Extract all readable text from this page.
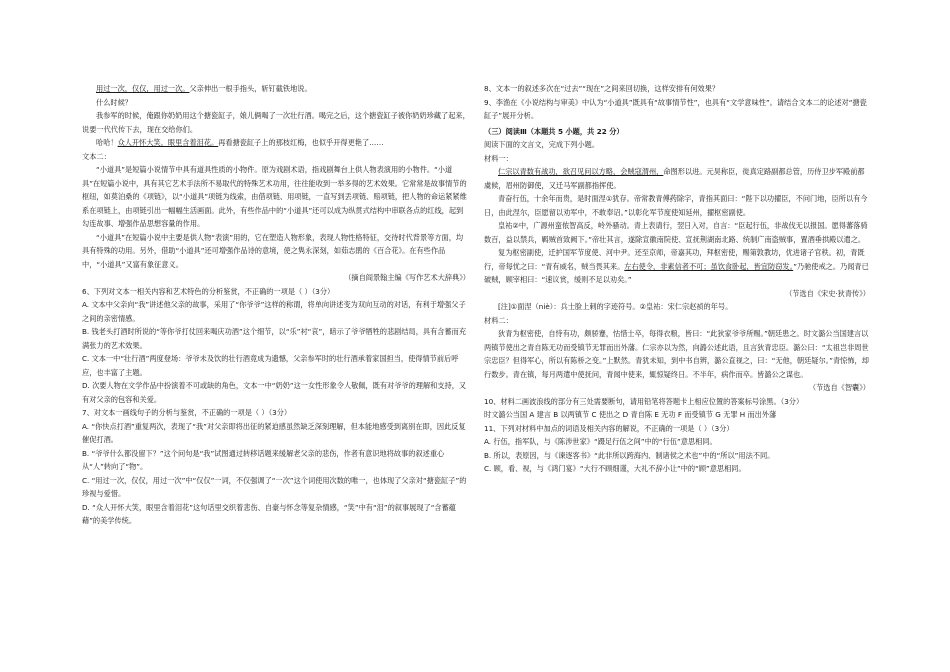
用过一次，仅仅，用过一次。父亲伸出一根手指头，斩钉截铁地说。

什么时候？

我参军的时候，俺跟你奶奶用这个搪瓷缸子，娘儿俩喝了一次壮行酒。喝完之后，这个搪瓷缸子被你奶奶珍藏了起来，说要一代代传下去，现在交给你们。

哈哈！众人开怀大笑，眼里含着泪花。再看搪瓷缸子上的那枝红梅，也似乎开得更艳了……

文本二：

“小道具”是短篇小说情节中具有道具性质的小物件。原为戏剧术语，指戏剧舞台上供人物表演用的小物件。“小道具”在短篇小说中，具有其它艺术手法所不易取代的特殊艺术功用，往往能收到一举多得的艺术效果。它常常是故事情节的枢纽，如莫泊桑的《项链》，以“小道具”项链为线索，由借项链、用项链，一直写到丢项链、赔项链，把人物的命运紧紧维系在项链上，由项链引出一幅幅生活画面。此外，有些作品中的“小道具”还可以成为纵贯式结构中串联各点的红线，起到勾连故事、增强作品思想容量的作用。

“小道具”在短篇小说中主要是供人物“表演”用的，它在塑造人物形象，表现人物性格特征，交待时代背景等方面，均具有特殊的功用。另外，借助“小道具”还可增强作品诗的意境，使之隽永深刻，如茹志鹃的《百合花》。在有些作品中，“小道具”又富有象征意义。

（摘自阎景翰主编《写作艺术大辞典》）

6、下列对文本一相关内容和艺术特色的分析鉴赏，不正确的一项是（ ）（3分）

A. 文本中父亲向“我”讲述他父亲的故事，采用了“你爷爷”这样的称谓，将单向讲述变为双向互动的对话，有利于增强父子之间的亲密情感。

B. 钱老头打酒时所说的“等你爷打仗回来喝庆功酒”这个细节，以“乐”衬“哀”，暗示了爷爷牺牲的悲剧结局，具有含蓄而充满张力的艺术效果。

C. 文本一中“壮行酒”两度登场：爷爷未及饮的壮行酒竟成为遗憾，父亲参军时的壮行酒承着家国担当，使得情节前后呼应，也丰富了主题。

D. 次要人物在文学作品中扮演着不可或缺的角色，文本一中“奶奶”这一女性形象令人敬佩，既有对爷爷的理解和支持，又有对父亲的包容和关爱。

7、对文本一画线句子的分析与鉴赏，不正确的一项是（ ）（3分）

A. “你快点打酒”重复两次，表现了“我”对父亲即将出征的紧迫感虽然缺乏深刻理解，但本能地感受到离别在即，因此反复催促打酒。

B. “爷爷什么都没留下？”这个问句是“我”试图通过转移话题来缓解老父亲的悲伤，作者有意识地将故事的叙述重心从“人”转向了“物”。

C. “用过一次，仅仅，用过一次”中“仅仅”一词，不仅强调了“一次”这个词使用次数的唯一，也体现了父亲对“搪瓷缸子”的珍视与爱惜。

D. “众人开怀大笑，眼里含着泪花”这句话里交织着悲伤、自豪与怀念等复杂情感，“笑”中有“泪”的叙事展现了“含蓄蕴藉”的美学传统。

8、文本一的叙述多次在“过去”“现在”之间来回切换，这样安排有何效果？

9、李渔在《小说结构与审美》中认为“小道具”既具有“故事情节性”，也具有“文学意味性”。请结合文本二的论述对“搪瓷缸子”展开分析。

（三）阅读Ⅲ（本题共 5 小题，共 22 分）

阅读下面的文言文，完成下列小题。

材料一：

仁宗以青数有战功，欲召见问以方略，会贼寇渭州，命图形以进。元昊称臣，徙真定路副都总管，历侍卫步军殿前都虞候，眉州防御使，又迁马军副都指挥使。

青奋行伍，十余年而贵，是时面涅①犹存。帝常教青傅药除字，青指其面曰：“陛下以功擢臣，不问门地，臣所以有今日，由此涅尔，臣愿留以劝军中，不敢奉诏。”以彰化军节度使知延州，擢枢密副使。

皇祐②中，广源州蛮侬智高反，岭外骚动。青上表请行，翌日入对，自言：“臣起行伍，非战伐无以报国。愿得蕃落骑数百，益以禁兵，羁贼首致阙下。”帝壮其言，遂除宣徽南院使、宣抚荆湖南北路、统制广南盗贼事，置酒垂拱殿以遣之。

复为枢密副使，迁护国军节度使、河中尹。还至京师，帝嘉其功，拜枢密使，赐第敦教坊，优进诸子官秩。初，青既行，帝每忧之曰：“青有威名，贼当畏其来。左右使令，非素信者不可；虽饮食卧起，皆宜防窃发。”乃驰使戒之。乃闻青已破贼，顾宰相曰：“速议赏，缓则不足以劝矣。”

（节选自《宋史·狄青传》）

[注]①面涅（niè）：兵士脸上刺的字迹符号。②皇祐：宋仁宗赵祯的年号。

材料二：

狄青为枢密使，自恃有功，颇骄蹇，怙惜士卒，每得衣粮，皆曰：“此狄家爷爷所赐。”朝廷患之。时文潞公当国建言以两镇节使出之青自陈无功而受镇节无罪而出外藩。仁宗亦以为然，向潞公述此语，且言狄青忠臣。潞公曰：“太祖岂非周世宗忠臣？但得军心，所以有陈桥之变。”上默然。青犹未知，到中书自辨，潞公直视之，曰：“无他，朝廷疑尔。”青惊怖，却行数步。青在镇，每月两遣中使抚问，青闻中使来，辄惊疑终日。不半年，病作而卒。皆潞公之谋也。

（节选自《智囊》）

10、材料二画波浪线的部分有三处需要断句，请用铅笔将答题卡上相应位置的答案标号涂黑。（3分）

时文潞公当国 A 建言 B 以两镇节 C 使出之 D 青自陈 E 无功 F 而受镇节 G 无罪 H 而出外藩

11、下列对材料中加点的词语及相关内容的解说，不正确的一项是（ ）（3分）

A. 行伍，指军队，与《陈涉世家》“蹑足行伍之间”中的“行伍”意思相同。

B. 所以，表原因，与《谏逐客书》“此非所以跨海内、制诸侯之术也”中的“所以”用法不同。

C. 顾，看、视，与《鸿门宴》“大行不顾细谨，大礼不辞小让”中的“顾”意思相同。
